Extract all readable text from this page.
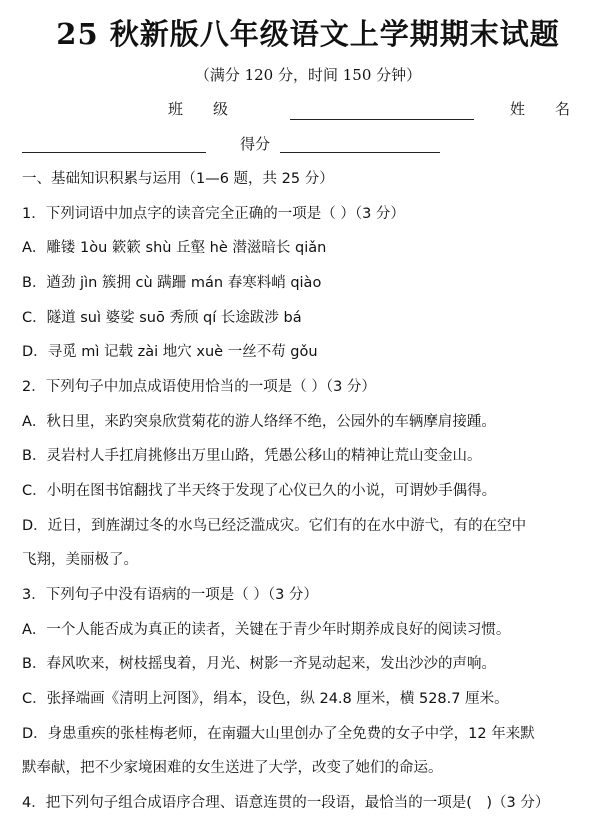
25 秋新版八年级语文上学期期末试题
（满分 120 分，时间 150 分钟）
班　　级	姓　　名
得分
一、基础知识积累与运用（1—6 题，共 25 分）
1．下列词语中加点字的读音完全正确的一项是（ ）（3 分）
A．雕镂 1òu 簌簌 shù 丘壑 hè 潜滋暗长 qiǎn
B．遒劲 jìn 簇拥 cù 蹒跚 mán 春寒料峭 qiào
C．隧道 suì 婆娑 suō 秀颀 qí 长途跋涉 bá
D．寻觅 mì 记载 zài 地穴 xuè 一丝不苟 gǒu
2．下列句子中加点成语使用恰当的一项是（ ）（3 分）
A．秋日里，来趵突泉欣赏菊花的游人络绎不绝，公园外的车辆摩肩接踵。
B．灵岩村人手扛肩挑修出万里山路，凭愚公移山的精神让荒山变金山。
C．小明在图书馆翻找了半天终于发现了心仪已久的小说，可谓妙手偶得。
D．近日，到旌湖过冬的水鸟已经泛滥成灾。它们有的在水中游弋，有的在空中
飞翔，美丽极了。
3．下列句子中没有语病的一项是（ ）（3 分）
A．一个人能否成为真正的读者，关键在于青少年时期养成良好的阅读习惯。
B．春风吹来，树枝摇曳着，月光、树影一齐晃动起来，发出沙沙的声响。
C．张择端画《清明上河图》，绢本，设色，纵 24.8 厘米，横 528.7 厘米。
D．身患重疾的张桂梅老师，在南疆大山里创办了全免费的女子中学，12 年来默
默奉献，把不少家境困难的女生送进了大学，改变了她们的命运。
4．把下列句子组合成语序合理、语意连贯的一段语，最恰当的一项是(　)（3 分）
